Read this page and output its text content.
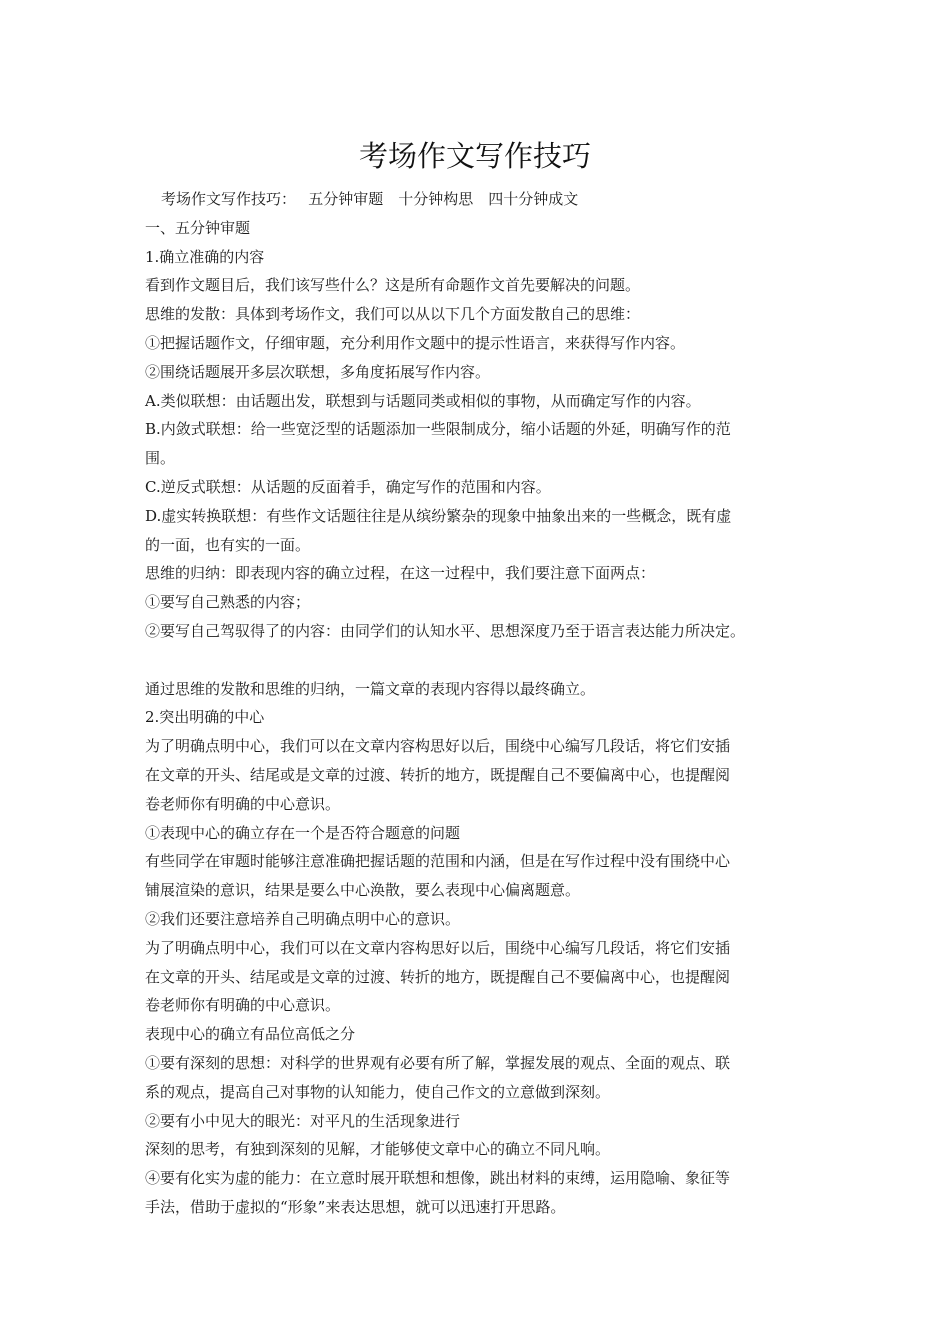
考场作文写作技巧
考场作文写作技巧：　 五分钟审题　十分钟构思　四十分钟成文
一、五分钟审题
1.确立准确的内容
看到作文题目后，我们该写些什么？这是所有命题作文首先要解决的问题。
思维的发散：具体到考场作文，我们可以从以下几个方面发散自己的思维：
①把握话题作文，仔细审题，充分利用作文题中的提示性语言，来获得写作内容。
②围绕话题展开多层次联想，多角度拓展写作内容。
A.类似联想：由话题出发，联想到与话题同类或相似的事物，从而确定写作的内容。
B.内敛式联想：给一些宽泛型的话题添加一些限制成分，缩小话题的外延，明确写作的范
围。
C.逆反式联想：从话题的反面着手，确定写作的范围和内容。
D.虚实转换联想：有些作文话题往往是从缤纷繁杂的现象中抽象出来的一些概念，既有虚
的一面，也有实的一面。
思维的归纳：即表现内容的确立过程，在这一过程中，我们要注意下面两点：
①要写自己熟悉的内容；
②要写自己驾驭得了的内容：由同学们的认知水平、思想深度乃至于语言表达能力所决定。
通过思维的发散和思维的归纳，一篇文章的表现内容得以最终确立。
2.突出明确的中心
为了明确点明中心，我们可以在文章内容构思好以后，围绕中心编写几段话，将它们安插
在文章的开头、结尾或是文章的过渡、转折的地方，既提醒自己不要偏离中心，也提醒阅
卷老师你有明确的中心意识。
①表现中心的确立存在一个是否符合题意的问题
有些同学在审题时能够注意准确把握话题的范围和内涵，但是在写作过程中没有围绕中心
铺展渲染的意识，结果是要么中心涣散，要么表现中心偏离题意。
②我们还要注意培养自己明确点明中心的意识。
为了明确点明中心，我们可以在文章内容构思好以后，围绕中心编写几段话，将它们安插
在文章的开头、结尾或是文章的过渡、转折的地方，既提醒自己不要偏离中心，也提醒阅
卷老师你有明确的中心意识。
表现中心的确立有品位高低之分
①要有深刻的思想：对科学的世界观有必要有所了解，掌握发展的观点、全面的观点、联
系的观点，提高自己对事物的认知能力，使自己作文的立意做到深刻。
②要有小中见大的眼光：对平凡的生活现象进行
深刻的思考，有独到深刻的见解，才能够使文章中心的确立不同凡响。
④要有化实为虚的能力：在立意时展开联想和想像，跳出材料的束缚，运用隐喻、象征等
手法，借助于虚拟的“形象”来表达思想，就可以迅速打开思路。
